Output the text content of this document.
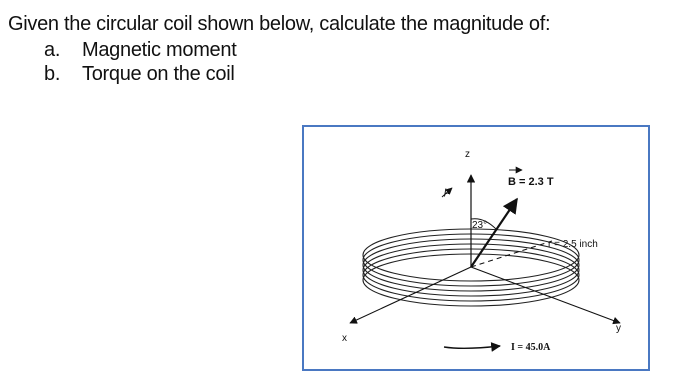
Given the circular coil shown below, calculate the magnitude of:
a.	Magnetic moment
b.	Torque on the coil
z
x
y
μ
B = 2.3 T
23°
r = 2.5 inch
I = 45.0A
